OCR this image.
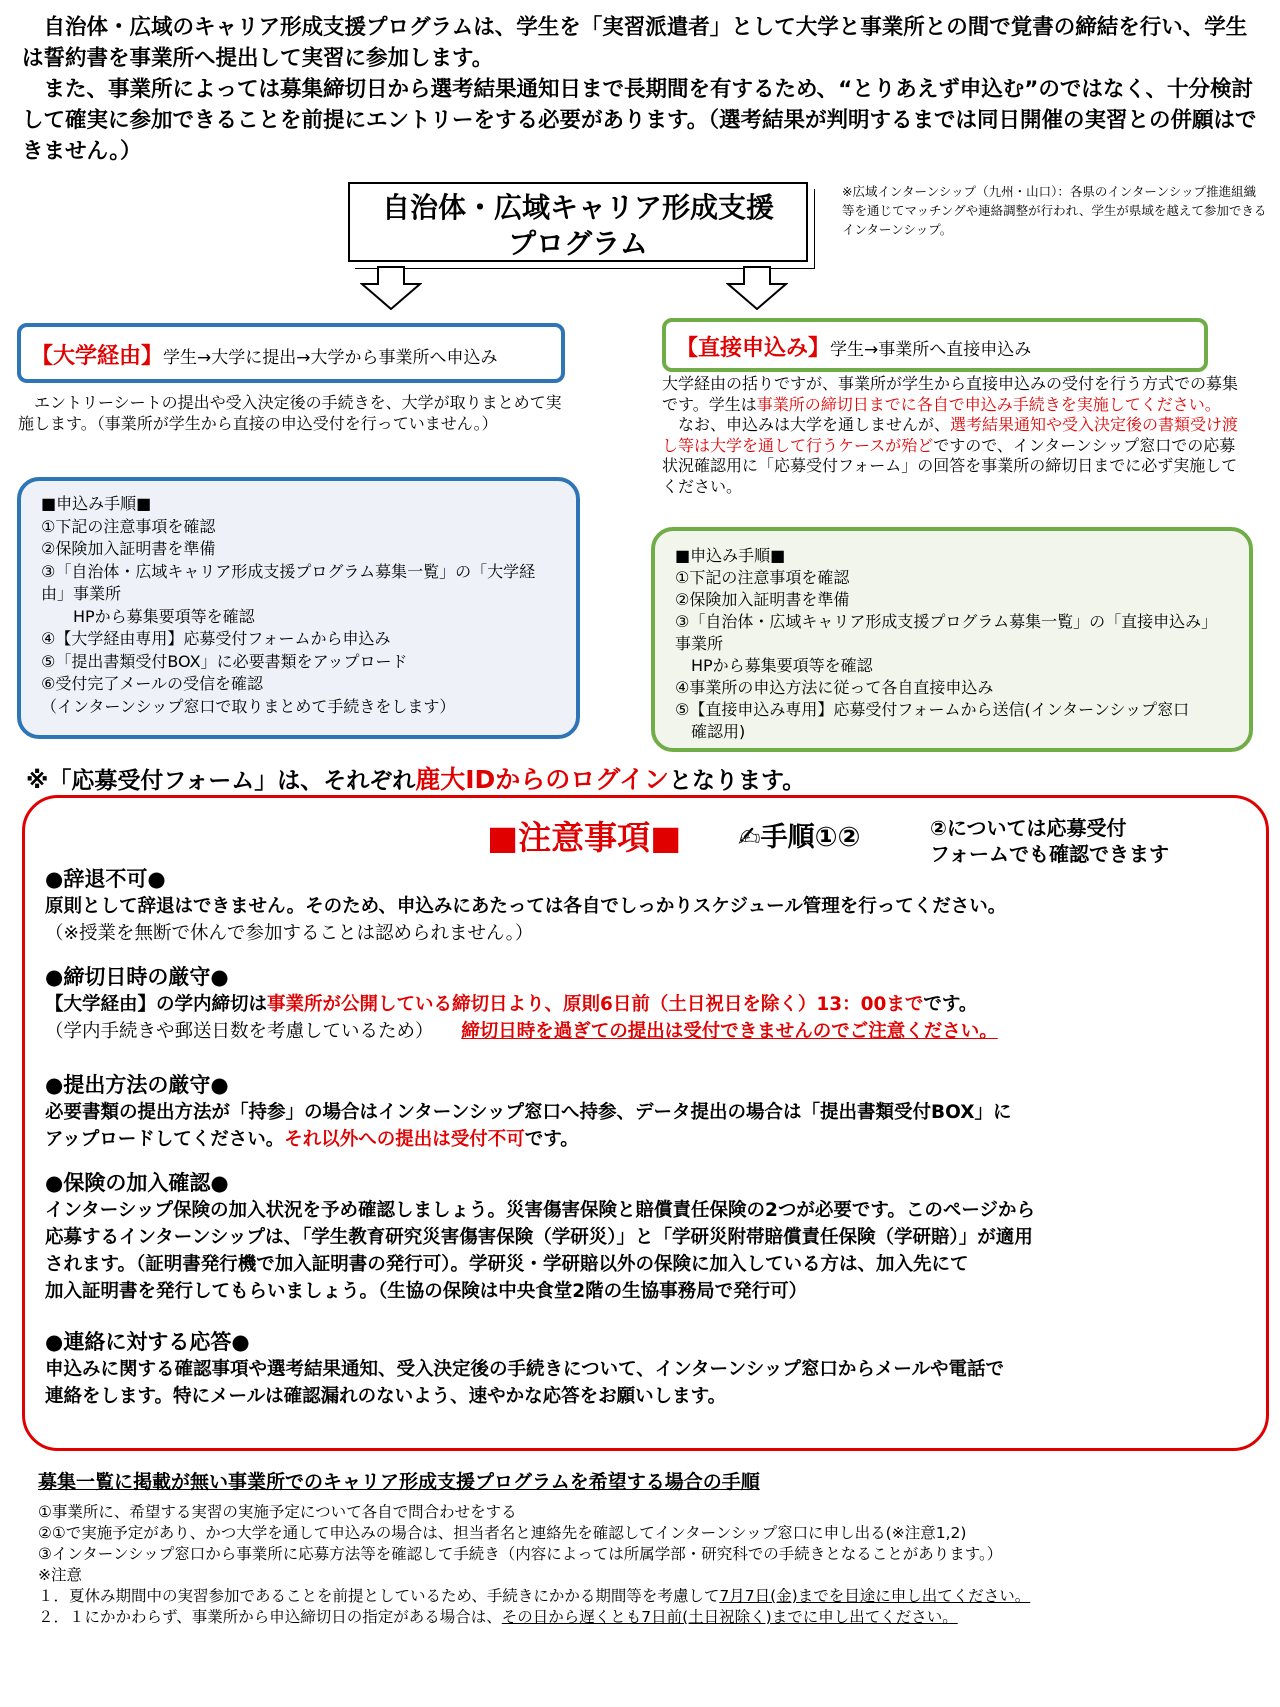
　自治体・広域のキャリア形成支援プログラムは、学生を「実習派遣者」として大学と事業所との間で覚書の締結を行い、学生は誓約書を事業所へ提出して実習に参加します。

　また、事業所によっては募集締切日から選考結果通知日まで長期間を有するため、“とりあえず申込む”のではなく、十分検討して確実に参加できることを前提にエントリーをする必要があります。（選考結果が判明するまでは同日開催の実習との併願はできません。）

自治体・広域キャリア形成支援
プログラム
※広域インターンシップ（九州・山口）：各県のインターンシップ推進組織等を通じてマッチングや連絡調整が行われ、学生が県域を越えて参加できるインターンシップ。
【大学経由】学生→大学に提出→大学から事業所へ申込み
　エントリーシートの提出や受入決定後の手続きを、大学が取りまとめて実施します。（事業所が学生から直接の申込受付を行っていません。）
■申込み手順■
①下記の注意事項を確認
②保険加入証明書を準備
③「自治体・広域キャリア形成支援プログラム募集一覧」の「大学経由」事業所
　　HPから募集要項等を確認
④【大学経由専用】応募受付フォームから申込み
⑤「提出書類受付BOX」に必要書類をアップロード
⑥受付完了メールの受信を確認
（インターンシップ窓口で取りまとめて手続きをします）
【直接申込み】学生→事業所へ直接申込み
大学経由の括りですが、事業所が学生から直接申込みの受付を行う方式での募集です。学生は事業所の締切日までに各自で申込み手続きを実施してください。
　なお、申込みは大学を通しませんが、選考結果通知や受入決定後の書類受け渡し等は大学を通して行うケースが殆どですので、インターンシップ窓口での応募状況確認用に「応募受付フォーム」の回答を事業所の締切日までに必ず実施してください。
■申込み手順■
①下記の注意事項を確認
②保険加入証明書を準備
③「自治体・広域キャリア形成支援プログラム募集一覧」の「直接申込み」事業所
　HPから募集要項等を確認
④事業所の申込方法に従って各自直接申込み
⑤【直接申込み専用】応募受付フォームから送信(インターンシップ窓口
　確認用)
※「応募受付フォーム」は、それぞれ鹿大IDからのログインとなります。
■注意事項■ ✍手順①②	②については応募受付
フォームでも確認できます
●辞退不可●
原則として辞退はできません。そのため、申込みにあたっては各自でしっかりスケジュール管理を行ってください。
（※授業を無断で休んで参加することは認められません。）
●締切日時の厳守●
【大学経由】の学内締切は事業所が公開している締切日より、原則6日前（土日祝日を除く）13：00までです。
（学内手続きや郵送日数を考慮しているため）　　 締切日時を過ぎての提出は受付できませんのでご注意ください。
●提出方法の厳守●
必要書類の提出方法が「持参」の場合はインターンシップ窓口へ持参、データ提出の場合は「提出書類受付BOX」に
アップロードしてください。それ以外への提出は受付不可です。
●保険の加入確認●
インターシップ保険の加入状況を予め確認しましょう。災害傷害保険と賠償責任保険の2つが必要です。このページから
応募するインターンシップは、「学生教育研究災害傷害保険（学研災）」と「学研災附帯賠償責任保険（学研賠）」が適用
されます。（証明書発行機で加入証明書の発行可）。学研災・学研賠以外の保険に加入している方は、加入先にて
加入証明書を発行してもらいましょう。（生協の保険は中央食堂2階の生協事務局で発行可）
●連絡に対する応答●
申込みに関する確認事項や選考結果通知、受入決定後の手続きについて、インターンシップ窓口からメールや電話で
連絡をします。特にメールは確認漏れのないよう、速やかな応答をお願いします。
募集一覧に掲載が無い事業所でのキャリア形成支援プログラムを希望する場合の手順
①事業所に、希望する実習の実施予定について各自で問合わせをする
②①で実施予定があり、かつ大学を通して申込みの場合は、担当者名と連絡先を確認してインターンシップ窓口に申し出る(※注意1,2)
③インターンシップ窓口から事業所に応募方法等を確認して手続き（内容によっては所属学部・研究科での手続きとなることがあります。）
※注意
１．夏休み期間中の実習参加であることを前提としているため、手続きにかかる期間等を考慮して7月7日(金)までを目途に申し出てください。
２．１にかかわらず、事業所から申込締切日の指定がある場合は、その日から遅くとも7日前(土日祝除く)までに申し出てください。
